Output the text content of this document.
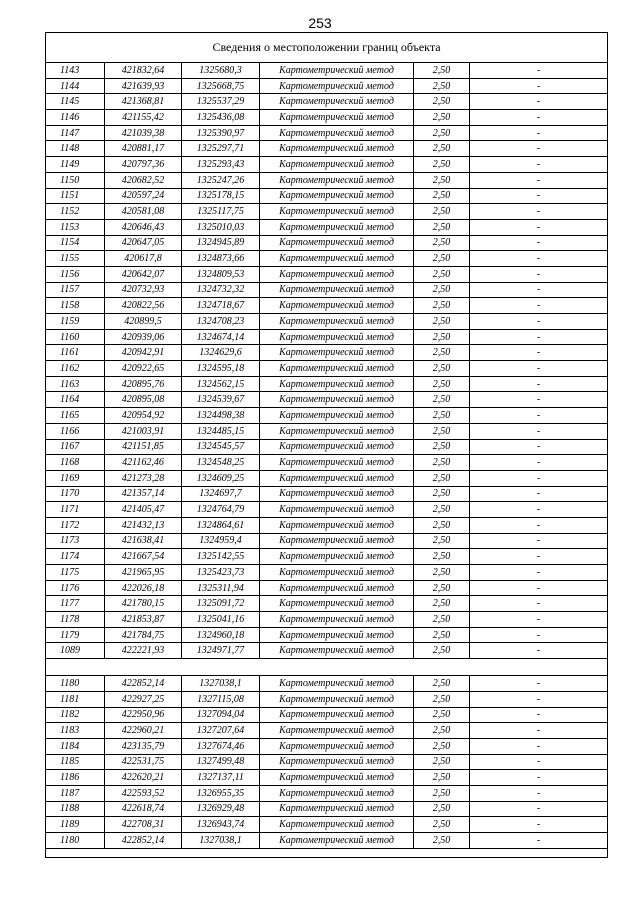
253
Сведения о местоположении границ объекта
1143	421832,64	1325680,3	Картометрический метод	2,50	-
1144	421639,93	1325668,75	Картометрический метод	2,50	-
1145	421368,81	1325537,29	Картометрический метод	2,50	-
1146	421155,42	1325436,08	Картометрический метод	2,50	-
1147	421039,38	1325390,97	Картометрический метод	2,50	-
1148	420881,17	1325297,71	Картометрический метод	2,50	-
1149	420797,36	1325293,43	Картометрический метод	2,50	-
1150	420682,52	1325247,26	Картометрический метод	2,50	-
1151	420597,24	1325178,15	Картометрический метод	2,50	-
1152	420581,08	1325117,75	Картометрический метод	2,50	-
1153	420646,43	1325010,03	Картометрический метод	2,50	-
1154	420647,05	1324945,89	Картометрический метод	2,50	-
1155	420617,8	1324873,66	Картометрический метод	2,50	-
1156	420642,07	1324809,53	Картометрический метод	2,50	-
1157	420732,93	1324732,32	Картометрический метод	2,50	-
1158	420822,56	1324718,67	Картометрический метод	2,50	-
1159	420899,5	1324708,23	Картометрический метод	2,50	-
1160	420939,06	1324674,14	Картометрический метод	2,50	-
1161	420942,91	1324629,6	Картометрический метод	2,50	-
1162	420922,65	1324595,18	Картометрический метод	2,50	-
1163	420895,76	1324562,15	Картометрический метод	2,50	-
1164	420895,08	1324539,67	Картометрический метод	2,50	-
1165	420954,92	1324498,38	Картометрический метод	2,50	-
1166	421003,91	1324485,15	Картометрический метод	2,50	-
1167	421151,85	1324545,57	Картометрический метод	2,50	-
1168	421162,46	1324548,25	Картометрический метод	2,50	-
1169	421273,28	1324609,25	Картометрический метод	2,50	-
1170	421357,14	1324697,7	Картометрический метод	2,50	-
1171	421405,47	1324764,79	Картометрический метод	2,50	-
1172	421432,13	1324864,61	Картометрический метод	2,50	-
1173	421638,41	1324959,4	Картометрический метод	2,50	-
1174	421667,54	1325142,55	Картометрический метод	2,50	-
1175	421965,95	1325423,73	Картометрический метод	2,50	-
1176	422026,18	1325311,94	Картометрический метод	2,50	-
1177	421780,15	1325091,72	Картометрический метод	2,50	-
1178	421853,87	1325041,16	Картометрический метод	2,50	-
1179	421784,75	1324960,18	Картометрический метод	2,50	-
1089	422221,93	1324971,77	Картометрический метод	2,50	-

1180	422852,14	1327038,1	Картометрический метод	2,50	-
1181	422927,25	1327115,08	Картометрический метод	2,50	-
1182	422950,96	1327094,04	Картометрический метод	2,50	-
1183	422960,21	1327207,64	Картометрический метод	2,50	-
1184	423135,79	1327674,46	Картометрический метод	2,50	-
1185	422531,75	1327499,48	Картометрический метод	2,50	-
1186	422620,21	1327137,11	Картометрический метод	2,50	-
1187	422593,52	1326955,35	Картометрический метод	2,50	-
1188	422618,74	1326929,48	Картометрический метод	2,50	-
1189	422708,31	1326943,74	Картометрический метод	2,50	-
1180	422852,14	1327038,1	Картометрический метод	2,50	-
